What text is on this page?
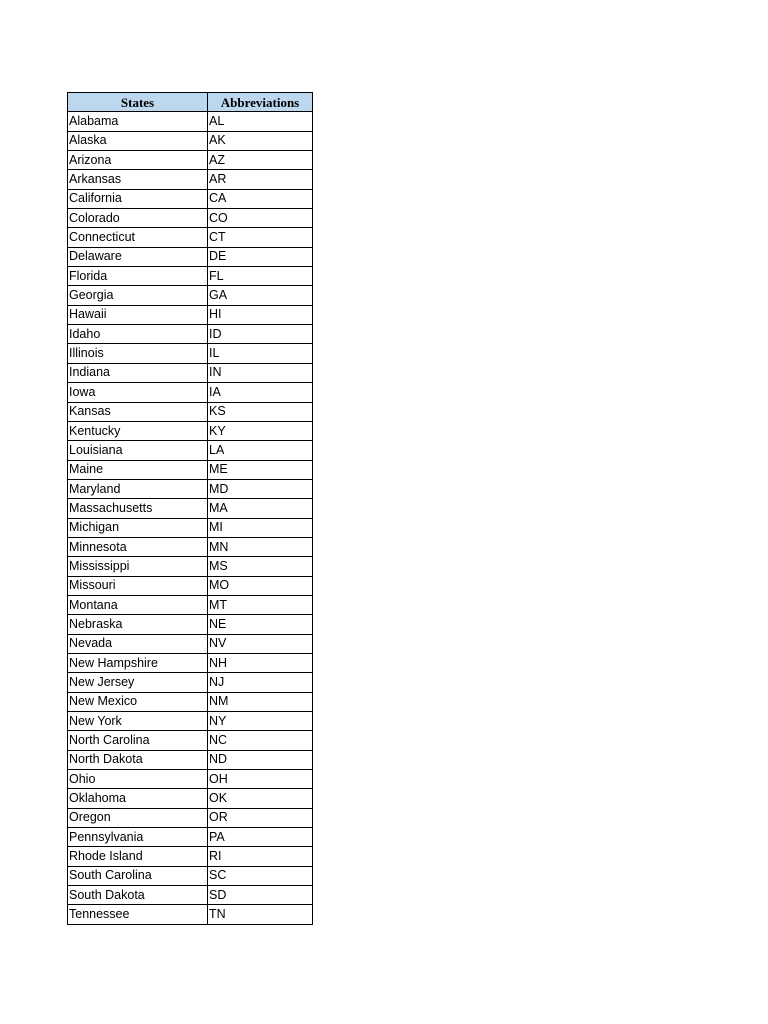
States	Abbreviations
Alabama	AL
Alaska	AK
Arizona	AZ
Arkansas	AR
California	CA
Colorado	CO
Connecticut	CT
Delaware	DE
Florida	FL
Georgia	GA
Hawaii	HI
Idaho	ID
Illinois	IL
Indiana	IN
Iowa	IA
Kansas	KS
Kentucky	KY
Louisiana	LA
Maine	ME
Maryland	MD
Massachusetts	MA
Michigan	MI
Minnesota	MN
Mississippi	MS
Missouri	MO
Montana	MT
Nebraska	NE
Nevada	NV
New Hampshire	NH
New Jersey	NJ
New Mexico	NM
New York	NY
North Carolina	NC
North Dakota	ND
Ohio	OH
Oklahoma	OK
Oregon	OR
Pennsylvania	PA
Rhode Island	RI
South Carolina	SC
South Dakota	SD
Tennessee	TN
